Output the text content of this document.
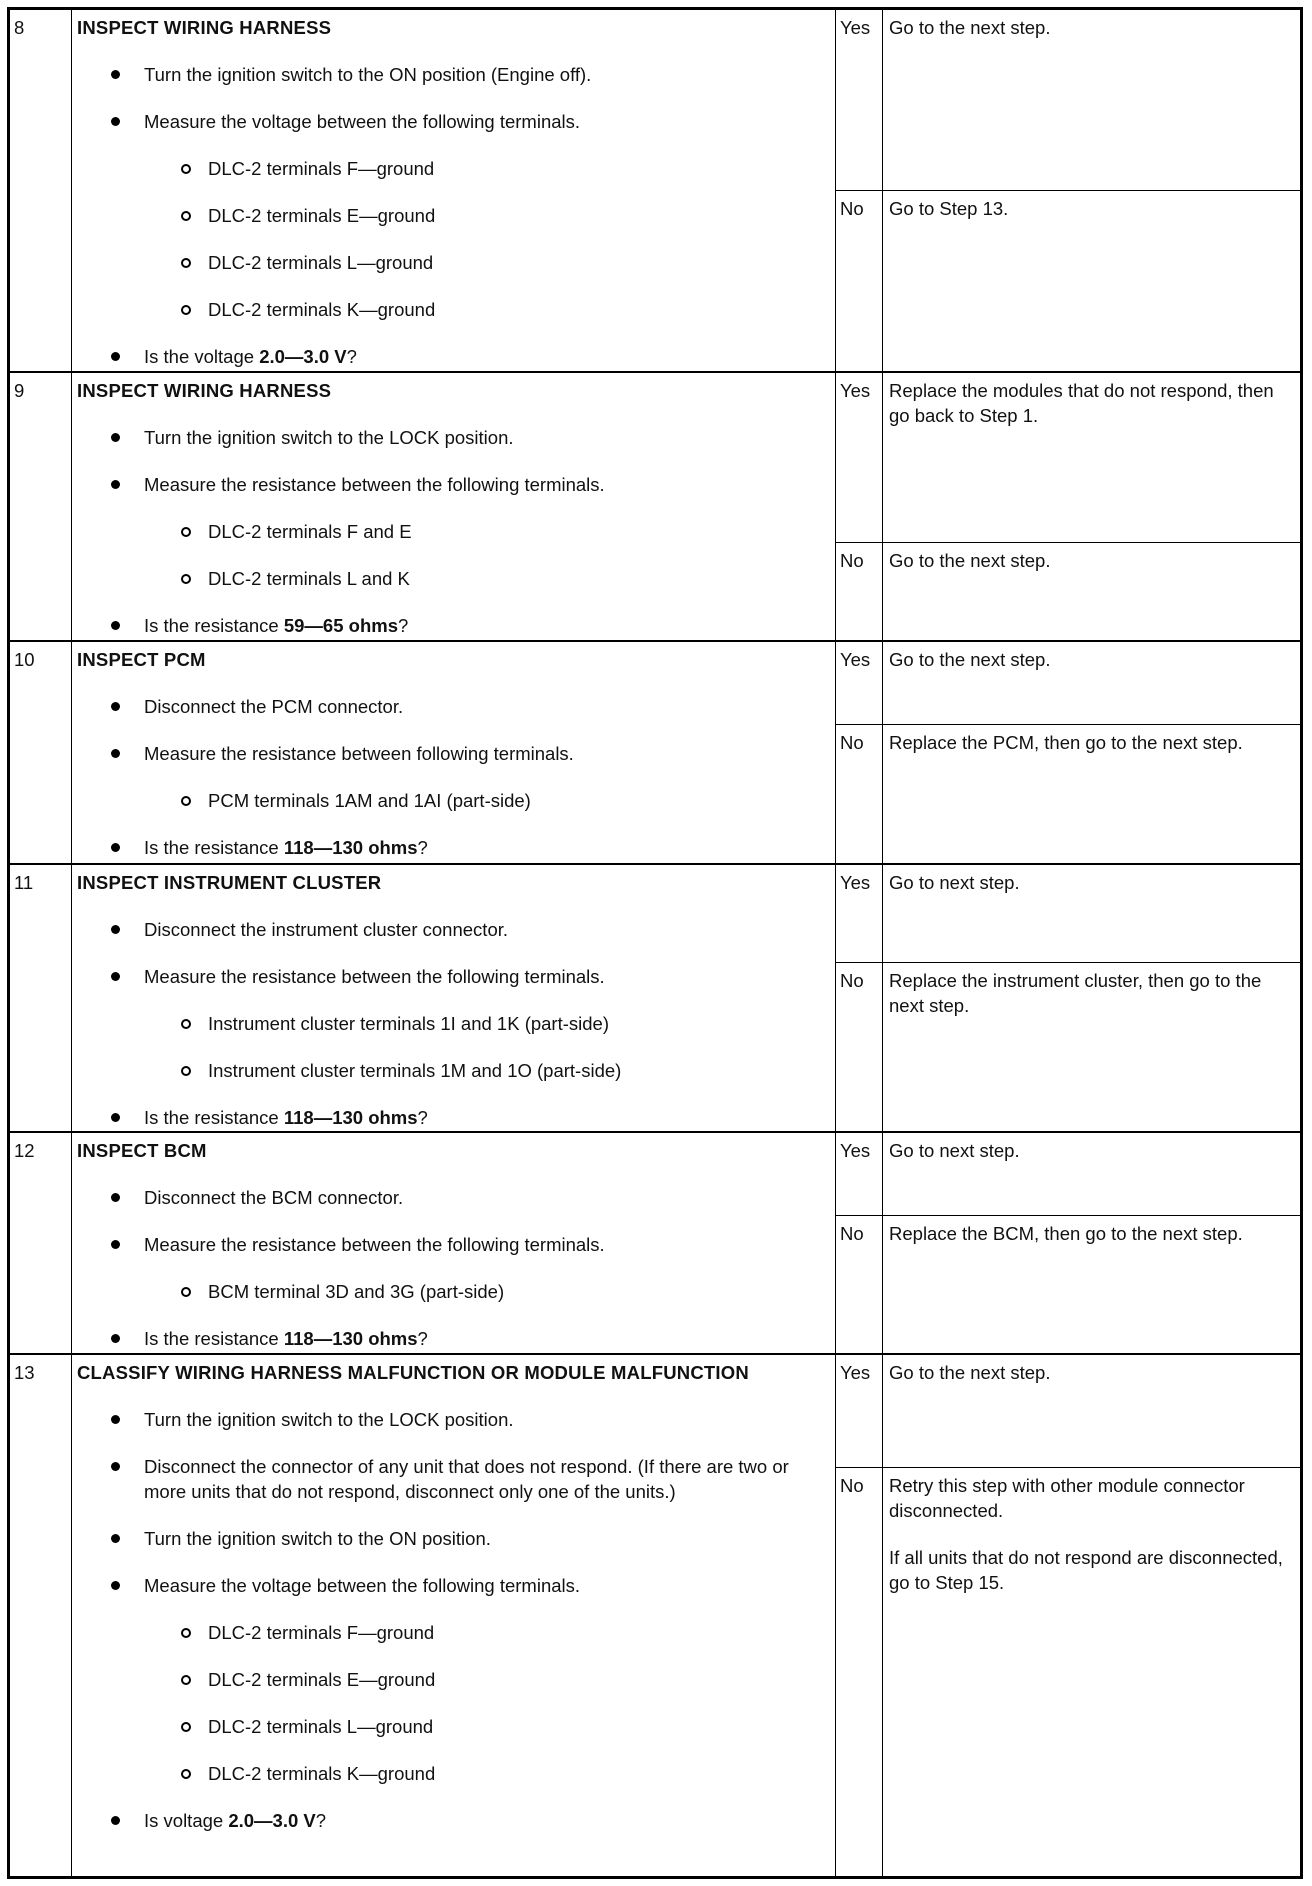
8	INSPECT WIRING HARNESS
Turn the ignition switch to the ON position (Engine off).
Measure the voltage between the following terminals.
DLC-2 terminals F—ground
DLC-2 terminals E—ground
DLC-2 terminals L—ground
DLC-2 terminals K—ground
Is the voltage 2.0—3.0 V?
Yes	Go to the next step.

No	Go to Step 13.

9	INSPECT WIRING HARNESS
Turn the ignition switch to the LOCK position.
Measure the resistance between the following terminals.
DLC-2 terminals F and E
DLC-2 terminals L and K
Is the resistance 59—65 ohms?
Yes	Replace the modules that do not respond, then go back to Step 1.

No	Go to the next step.

10	INSPECT PCM
Disconnect the PCM connector.
Measure the resistance between following terminals.
PCM terminals 1AM and 1AI (part-side)
Is the resistance 118—130 ohms?
Yes	Go to the next step.

No	Replace the PCM, then go to the next step.

11	INSPECT INSTRUMENT CLUSTER
Disconnect the instrument cluster connector.
Measure the resistance between the following terminals.
Instrument cluster terminals 1I and 1K (part-side)
Instrument cluster terminals 1M and 1O (part-side)
Is the resistance 118—130 ohms?
Yes	Go to next step.

No	Replace the instrument cluster, then go to the next step.

12	INSPECT BCM
Disconnect the BCM connector.
Measure the resistance between the following terminals.
BCM terminal 3D and 3G (part-side)
Is the resistance 118—130 ohms?
Yes	Go to next step.

No	Replace the BCM, then go to the next step.

13	CLASSIFY WIRING HARNESS MALFUNCTION OR MODULE MALFUNCTION
Turn the ignition switch to the LOCK position.
Disconnect the connector of any unit that does not respond. (If there are two or more units that do not respond, disconnect only one of the units.)
Turn the ignition switch to the ON position.
Measure the voltage between the following terminals.
DLC-2 terminals F—ground
DLC-2 terminals E—ground
DLC-2 terminals L—ground
DLC-2 terminals K—ground
Is voltage 2.0—3.0 V?
Yes	Go to the next step.

No	Retry this step with other module connector disconnected.

If all units that do not respond are disconnected, go to Step 15.
